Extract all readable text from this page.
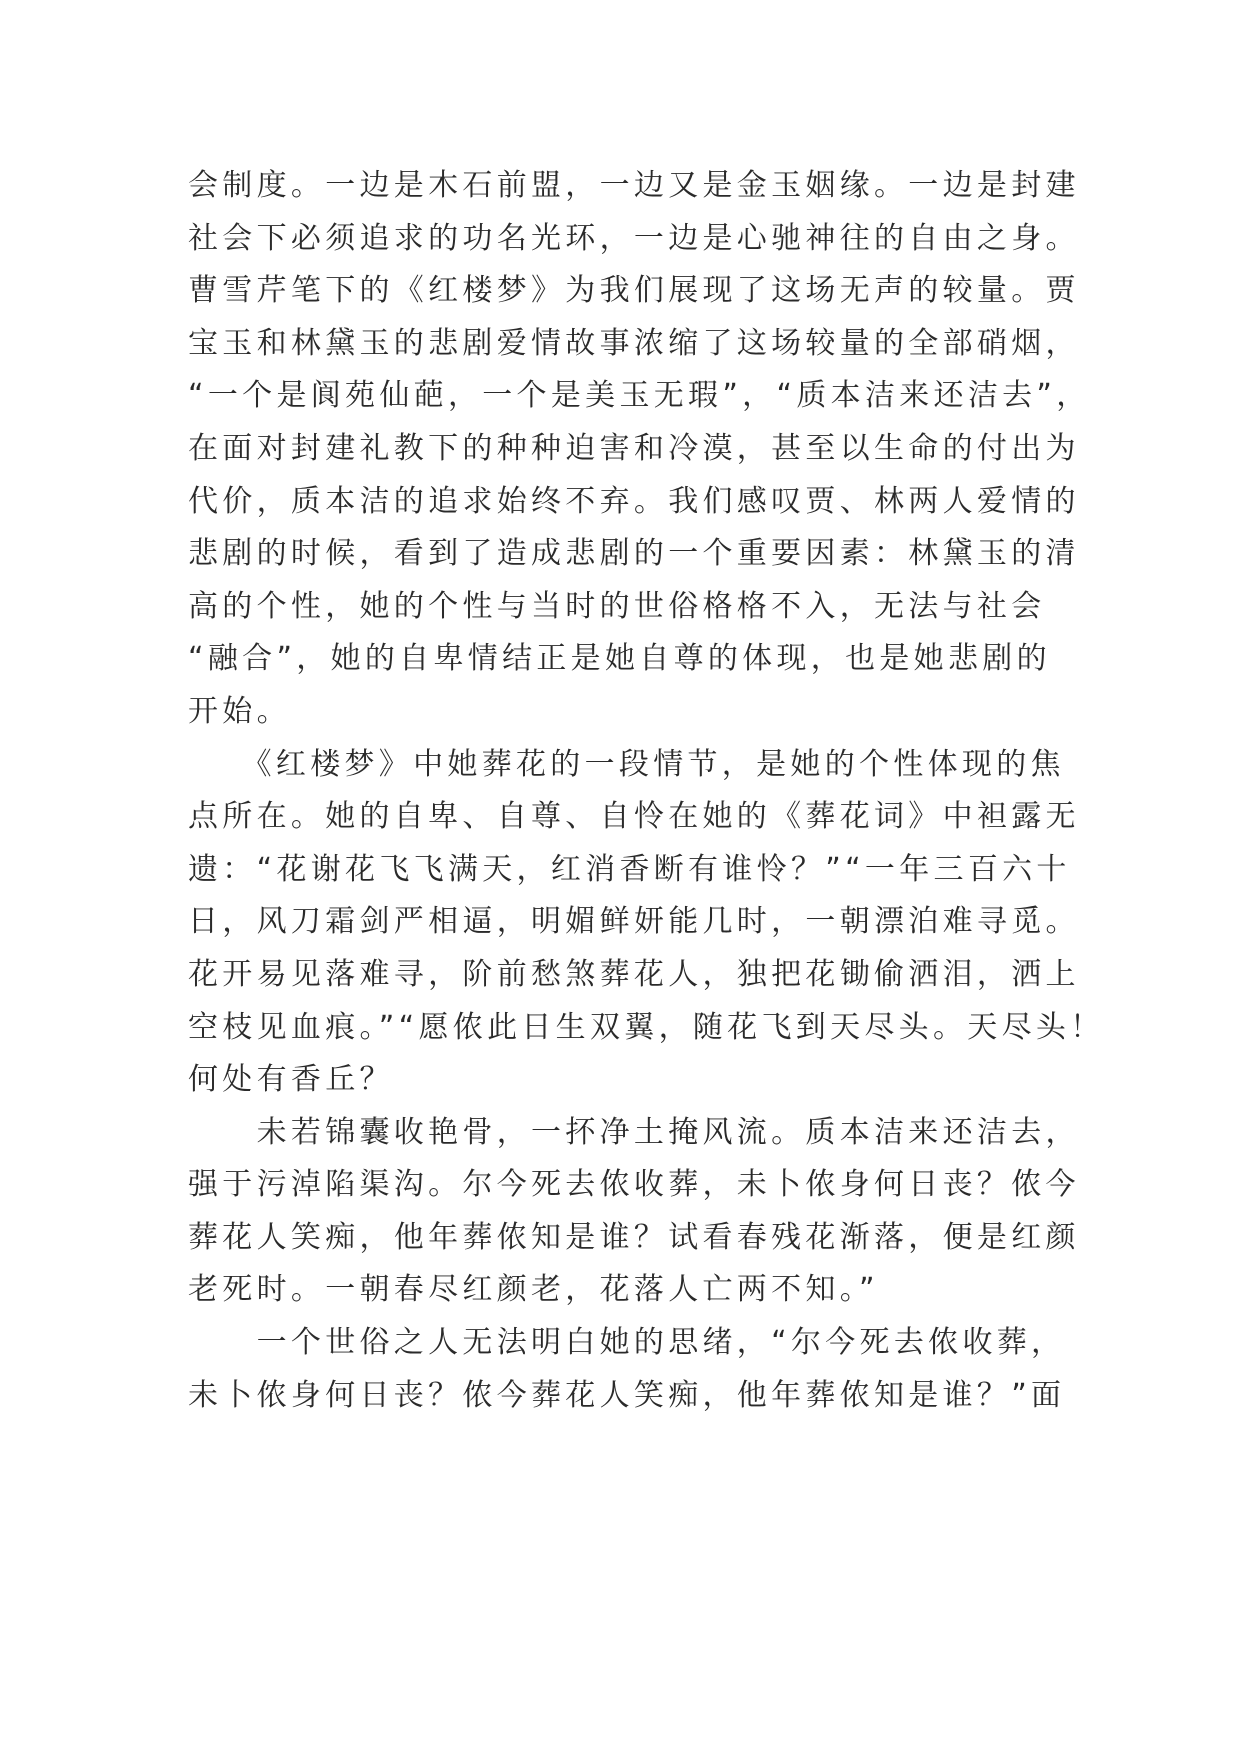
会制度。一边是木石前盟，一边又是金玉姻缘。一边是封建
社会下必须追求的功名光环，一边是心驰神往的自由之身。
曹雪芹笔下的《红楼梦》为我们展现了这场无声的较量。贾
宝玉和林黛玉的悲剧爱情故事浓缩了这场较量的全部硝烟，
“一个是阆苑仙葩，一个是美玉无瑕”，“质本洁来还洁去”，
在面对封建礼教下的种种迫害和冷漠，甚至以生命的付出为
代价，质本洁的追求始终不弃。我们感叹贾、林两人爱情的
悲剧的时候，看到了造成悲剧的一个重要因素：林黛玉的清
高的个性，她的个性与当时的世俗格格不入，无法与社会
“融合”，她的自卑情结正是她自尊的体现，也是她悲剧的
开始。
　　《红楼梦》中她葬花的一段情节，是她的个性体现的焦
点所在。她的自卑、自尊、自怜在她的《葬花词》中袒露无
遗：“花谢花飞飞满天，红消香断有谁怜？”“一年三百六十
日，风刀霜剑严相逼，明媚鲜妍能几时，一朝漂泊难寻觅。
花开易见落难寻，阶前愁煞葬花人，独把花锄偷洒泪，洒上
空枝见血痕。”“愿侬此日生双翼，随花飞到天尽头。天尽头！
何处有香丘？
　　未若锦囊收艳骨，一抔净土掩风流。质本洁来还洁去，
强于污淖陷渠沟。尔今死去侬收葬，未卜侬身何日丧？侬今
葬花人笑痴，他年葬侬知是谁？试看春残花渐落，便是红颜
老死时。一朝春尽红颜老，花落人亡两不知。”
　　一个世俗之人无法明白她的思绪，“尔今死去侬收葬，
未卜侬身何日丧？侬今葬花人笑痴，他年葬侬知是谁？”面
